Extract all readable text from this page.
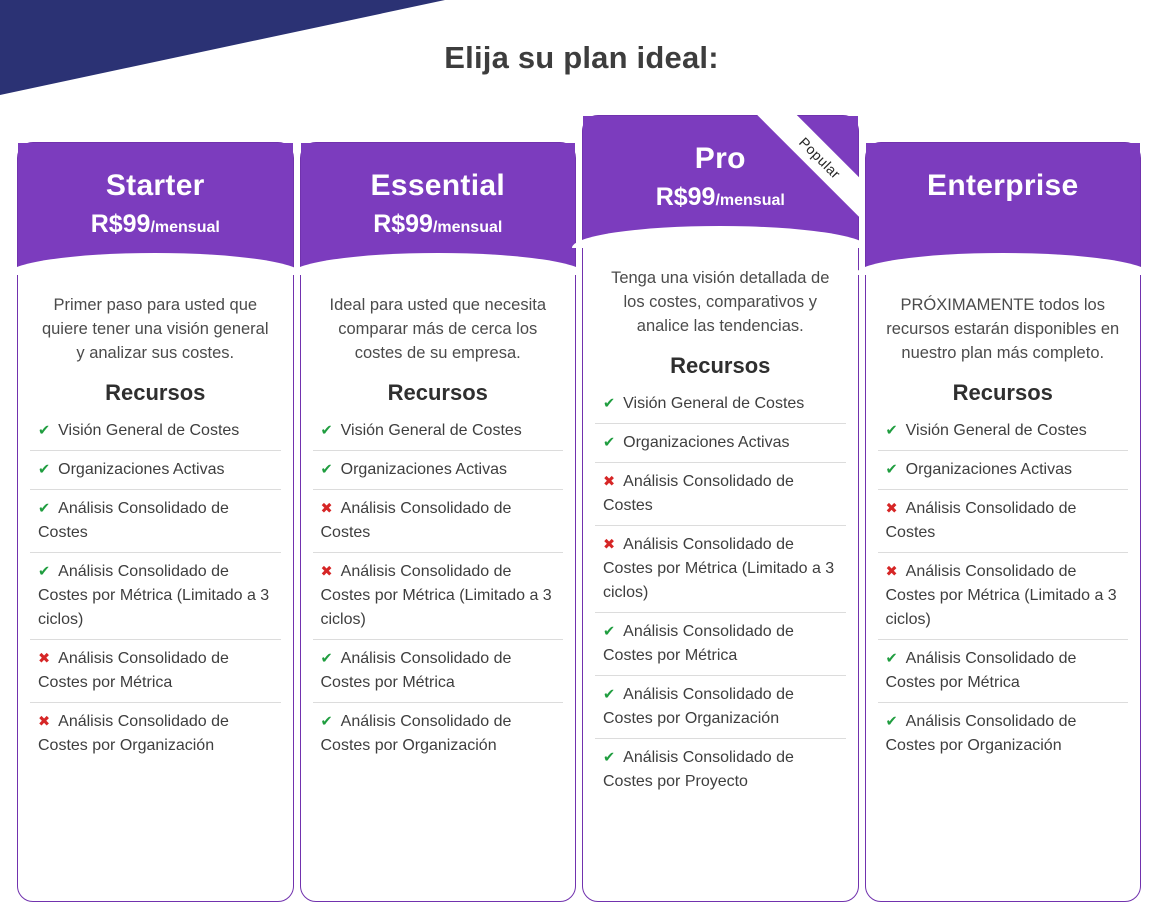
Elija su plan ideal:
Starter
R$99/mensual

Primer paso para usted que quiere tener una visión general y analizar sus costes.

Recursos
✔ Visión General de Costes
✔ Organizaciones Activas
✔ Análisis Consolidado de Costes
✔ Análisis Consolidado de Costes por Métrica (Limitado a 3 ciclos)
✖ Análisis Consolidado de Costes por Métrica
✖ Análisis Consolidado de Costes por Organización
Essential
R$99/mensual

Ideal para usted que necesita comparar más de cerca los costes de su empresa.

Recursos
✔ Visión General de Costes
✔ Organizaciones Activas
✖ Análisis Consolidado de Costes
✖ Análisis Consolidado de Costes por Métrica (Limitado a 3 ciclos)
✔ Análisis Consolidado de Costes por Métrica
✔ Análisis Consolidado de Costes por Organización
Pro
R$99/mensual
Popular

Tenga una visión detallada de los costes, comparativos y analice las tendencias.

Recursos
✔ Visión General de Costes
✔ Organizaciones Activas
✖ Análisis Consolidado de Costes
✖ Análisis Consolidado de Costes por Métrica (Limitado a 3 ciclos)
✔ Análisis Consolidado de Costes por Métrica
✔ Análisis Consolidado de Costes por Organización
✔ Análisis Consolidado de Costes por Proyecto
Enterprise

PRÓXIMAMENTE todos los recursos estarán disponibles en nuestro plan más completo.

Recursos
✔ Visión General de Costes
✔ Organizaciones Activas
✖ Análisis Consolidado de Costes
✖ Análisis Consolidado de Costes por Métrica (Limitado a 3 ciclos)
✔ Análisis Consolidado de Costes por Métrica
✔ Análisis Consolidado de Costes por Organización
